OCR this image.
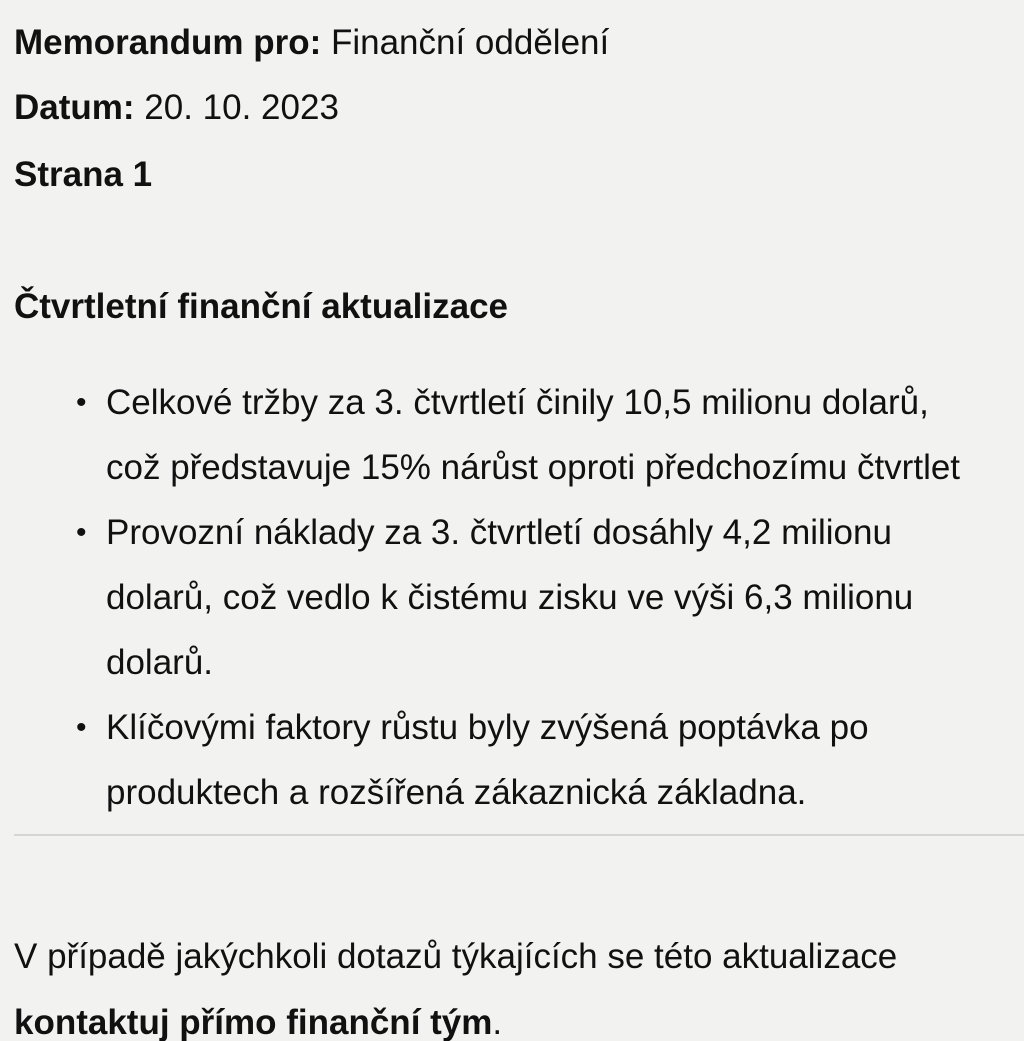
Memorandum pro: Finanční oddělení
Datum: 20. 10. 2023
Strana 1
Čtvrtletní finanční aktualizace
• Celkové tržby za 3. čtvrtletí činily 10,5 milionu dolarů,
což představuje 15% nárůst oproti předchozímu čtvrtlet
• Provozní náklady za 3. čtvrtletí dosáhly 4,2 milionu
dolarů, což vedlo k čistému zisku ve výši 6,3 milionu
dolarů.
• Klíčovými faktory růstu byly zvýšená poptávka po
produktech a rozšířená zákaznická základna.
V případě jakýchkoli dotazů týkajících se této aktualizace
kontaktuj přímo finanční tým.
